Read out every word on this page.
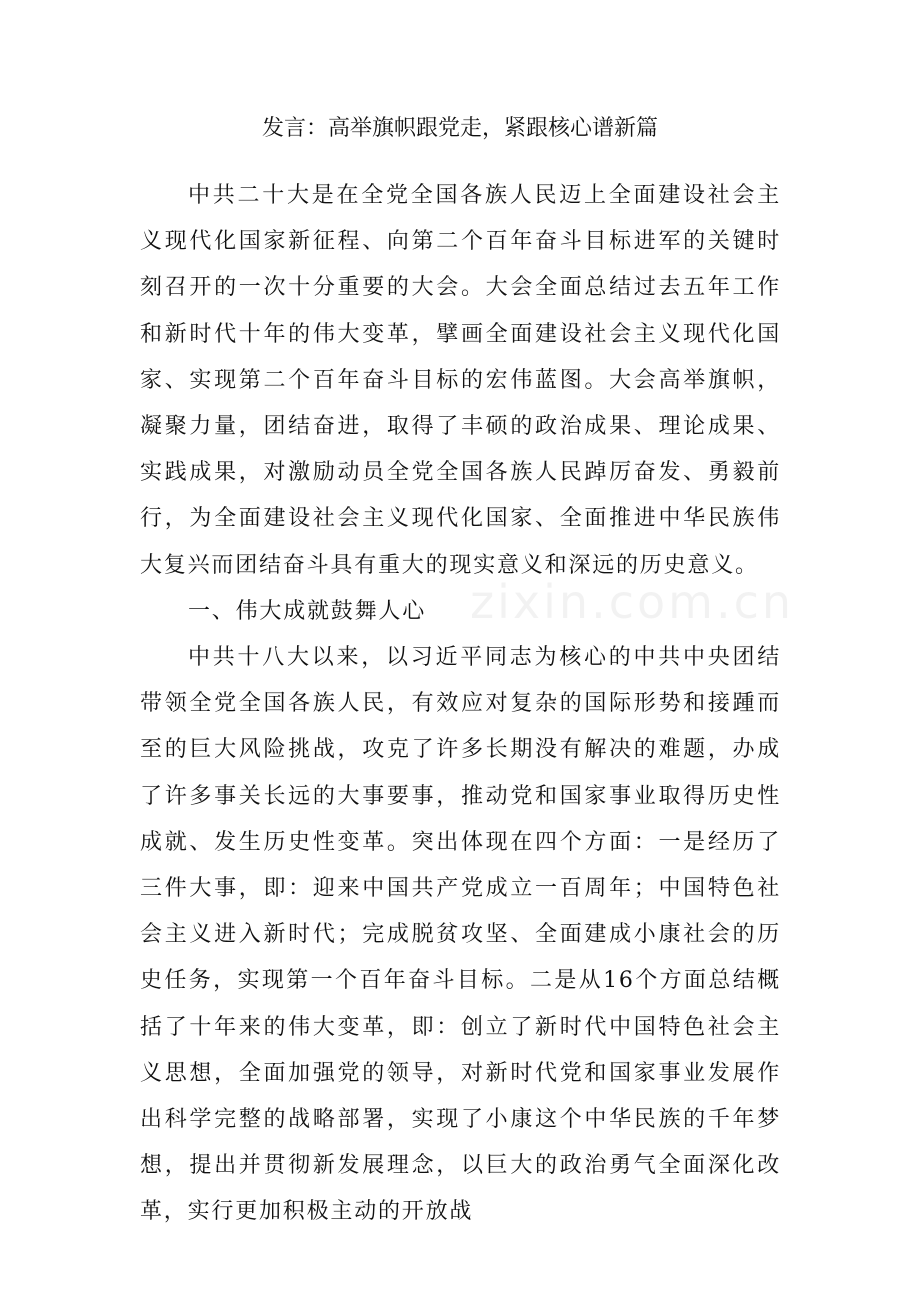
发言：高举旗帜跟党走，紧跟核心谱新篇

中共二十大是在全党全国各族人民迈上全面建设社会主义现代化国家新征程、向第二个百年奋斗目标进军的关键时刻召开的一次十分重要的大会。大会全面总结过去五年工作和新时代十年的伟大变革，擘画全面建设社会主义现代化国家、实现第二个百年奋斗目标的宏伟蓝图。大会高举旗帜，凝聚力量，团结奋进，取得了丰硕的政治成果、理论成果、实践成果，对激励动员全党全国各族人民踔厉奋发、勇毅前行，为全面建设社会主义现代化国家、全面推进中华民族伟大复兴而团结奋斗具有重大的现实意义和深远的历史意义。

一、伟大成就鼓舞人心

中共十八大以来，以习近平同志为核心的中共中央团结带领全党全国各族人民，有效应对复杂的国际形势和接踵而至的巨大风险挑战，攻克了许多长期没有解决的难题，办成了许多事关长远的大事要事，推动党和国家事业取得历史性成就、发生历史性变革。突出体现在四个方面：一是经历了三件大事，即：迎来中国共产党成立一百周年；中国特色社会主义进入新时代；完成脱贫攻坚、全面建成小康社会的历史任务，实现第一个百年奋斗目标。二是从16个方面总结概括了十年来的伟大变革，即：创立了新时代中国特色社会主义思想，全面加强党的领导，对新时代党和国家事业发展作出科学完整的战略部署，实现了小康这个中华民族的千年梦想，提出并贯彻新发展理念，以巨大的政治勇气全面深化改革，实行更加积极主动的开放战

zixin.com.cn
